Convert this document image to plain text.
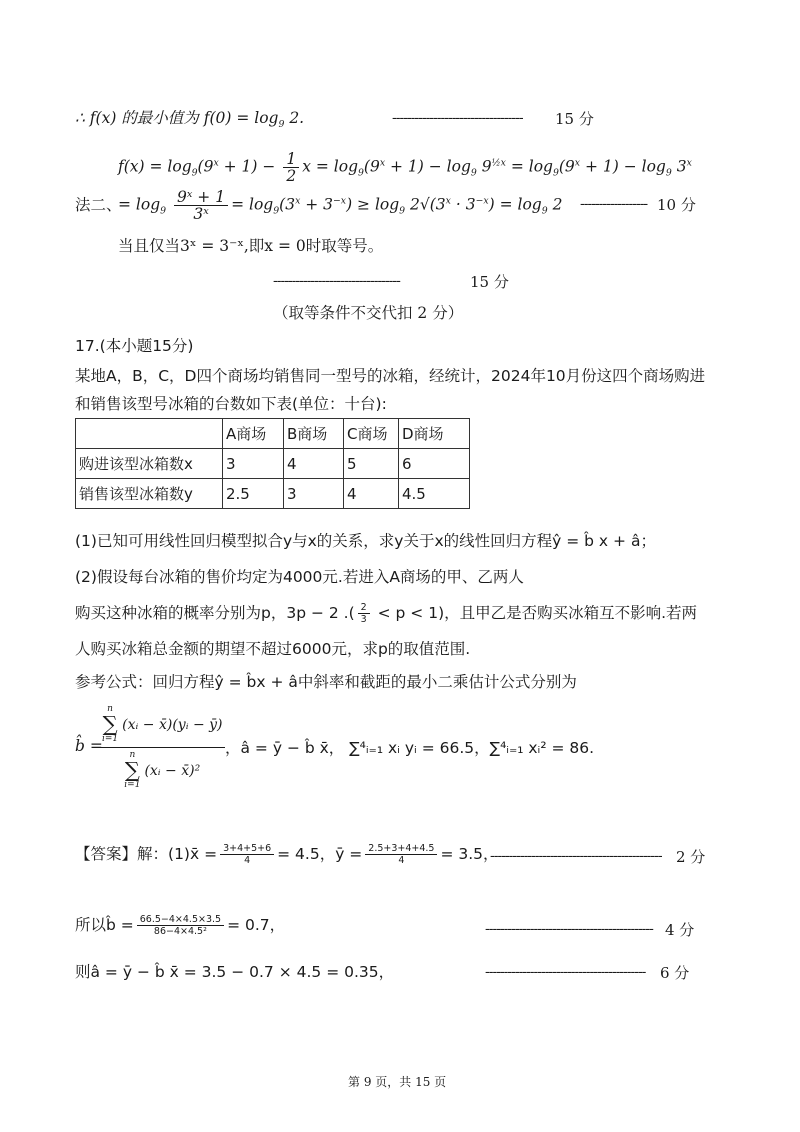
∴ f(x) 的最小值为 $f(0) = \log_9 2$.	----------------------------------- 15 分
$f(x) = \log_9(9^x + 1) - \frac{1}{2}$ $x = \log_9(9^x + 1) - \log_9 9^{\frac{1}{2}x} = \log_9(9^x + 1) - \log_9 3^x$
法二、
= $\log_9 \frac{\text{9ˣ + 1}}{\text{3ˣ}} = \log_9(3^x + 3^{-x}) \ge \log_9 2√(3^x \cdot 3^{-x}) = \log_9 2$ ------------------ 10 分
当且仅当3ˣ = 3⁻ˣ,即x = 0时取等号。
----------------------------------	15 分
（取等条件不交代扣 2 分）
17.(本小题15分)
某地A，B，C，D四个商场均销售同一型号的冰箱，经统计，2024年10月份这四个商场购进
和销售该型号冰箱的台数如下表(单位：十台):
	A商场	B商场	C商场	D商场
购进该型冰箱数x	3	4	5	6
销售该型冰箱数y	2.5	3	4	4.5
(1)已知可用线性回归模型拟合y与x的关系，求y关于x的线性回归方程ŷ = b̂ x + â；
(2)假设每台冰箱的售价均定为4000元.若进入A商场的甲、乙两人
购买这种冰箱的概率分别为p，3p − 2 .( $\frac{2}{3} < p < 1$)，且甲乙是否购买冰箱互不影响.若两
人购买冰箱总金额的期望不超过6000元，求p的取值范围.
参考公式：回归方程ŷ = b̂x + â中斜率和截距的最小二乘估计公式分别为
b̂ =
n
∑
i=1
(xᵢ − x̄)(yᵢ − ȳ)
n
∑
i=1
(xᵢ − x̄)² ，â = ȳ − b̂ x̄， ∑⁴ᵢ₌₁ xᵢ yᵢ = 66.5，∑⁴ᵢ₌₁ xᵢ² = 86.
【答案】解：(1)x̄ = $\frac{3+4+5+6}{4} = 4.5$，ȳ = $\frac{2.5+3+4+4.5}{4} = 3.5$，
---------------------------------------------- 2 分
所以b̂ = $\frac{66.5-4\times 4.5\times 3.5}{\text{86−4×4.5²}} = 0.7$，	--------------------------------------------- 4 分
则â = ȳ − b̂ x̄ = 3.5 − 0.7 × 4.5 = 0.35，	------------------------------------------- 6 分
第 9 页，共 15 页
